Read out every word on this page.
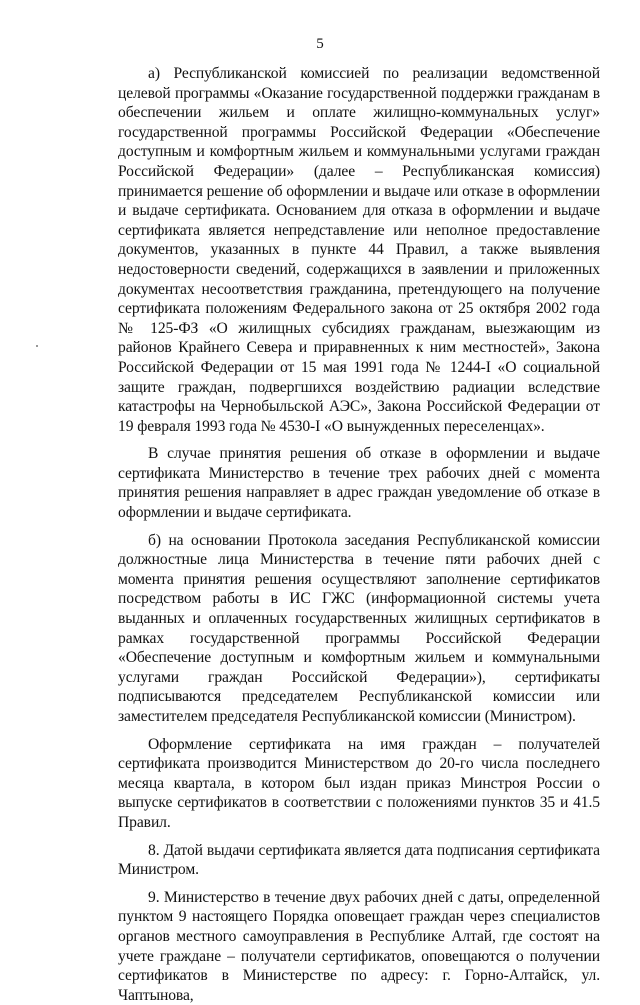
5

а) Республиканской комиссией по реализации ведомственной целевой программы «Оказание государственной поддержки гражданам в обеспечении жильем и оплате жилищно-коммунальных услуг» государственной программы Российской Федерации «Обеспечение доступным и комфортным жильем и коммунальными услугами граждан Российской Федерации» (далее – Республиканская комиссия) принимается решение об оформлении и выдаче или отказе в оформлении и выдаче сертификата. Основанием для отказа в оформлении и выдаче сертификата является непредставление или неполное предоставление документов, указанных в пункте 44 Правил, а также выявления недостоверности сведений, содержащихся в заявлении и приложенных документах несоответствия гражданина, претендующего на получение сертификата положениям Федерального закона от 25 октября 2002 года № 125-ФЗ «О жилищных субсидиях гражданам, выезжающим из районов Крайнего Севера и приравненных к ним местностей», Закона Российской Федерации от 15 мая 1991 года № 1244-I «О социальной защите граждан, подвергшихся воздействию радиации вследствие катастрофы на Чернобыльской АЭС», Закона Российской Федерации от 19 февраля 1993 года № 4530-I «О вынужденных переселенцах».

В случае принятия решения об отказе в оформлении и выдаче сертификата Министерство в течение трех рабочих дней с момента принятия решения направляет в адрес граждан уведомление об отказе в оформлении и выдаче сертификата.

б) на основании Протокола заседания Республиканской комиссии должностные лица Министерства в течение пяти рабочих дней с момента принятия решения осуществляют заполнение сертификатов посредством работы в ИС ГЖС (информационной системы учета выданных и оплаченных государственных жилищных сертификатов в рамках государственной программы Российской Федерации «Обеспечение доступным и комфортным жильем и коммунальными услугами граждан Российской Федерации»), сертификаты подписываются председателем Республиканской комиссии или заместителем председателя Республиканской комиссии (Министром).

Оформление сертификата на имя граждан – получателей сертификата производится Министерством до 20-го числа последнего месяца квартала, в котором был издан приказ Минстроя России о выпуске сертификатов в соответствии с положениями пунктов 35 и 41.5 Правил.

8. Датой выдачи сертификата является дата подписания сертификата Министром.

9. Министерство в течение двух рабочих дней с даты, определенной пунктом 9 настоящего Порядка оповещает граждан через специалистов органов местного самоуправления в Республике Алтай, где состоят на учете граждане – получатели сертификатов, оповещаются о получении сертификатов в Министерстве по адресу: г. Горно-Алтайск, ул. Чаптынова,
